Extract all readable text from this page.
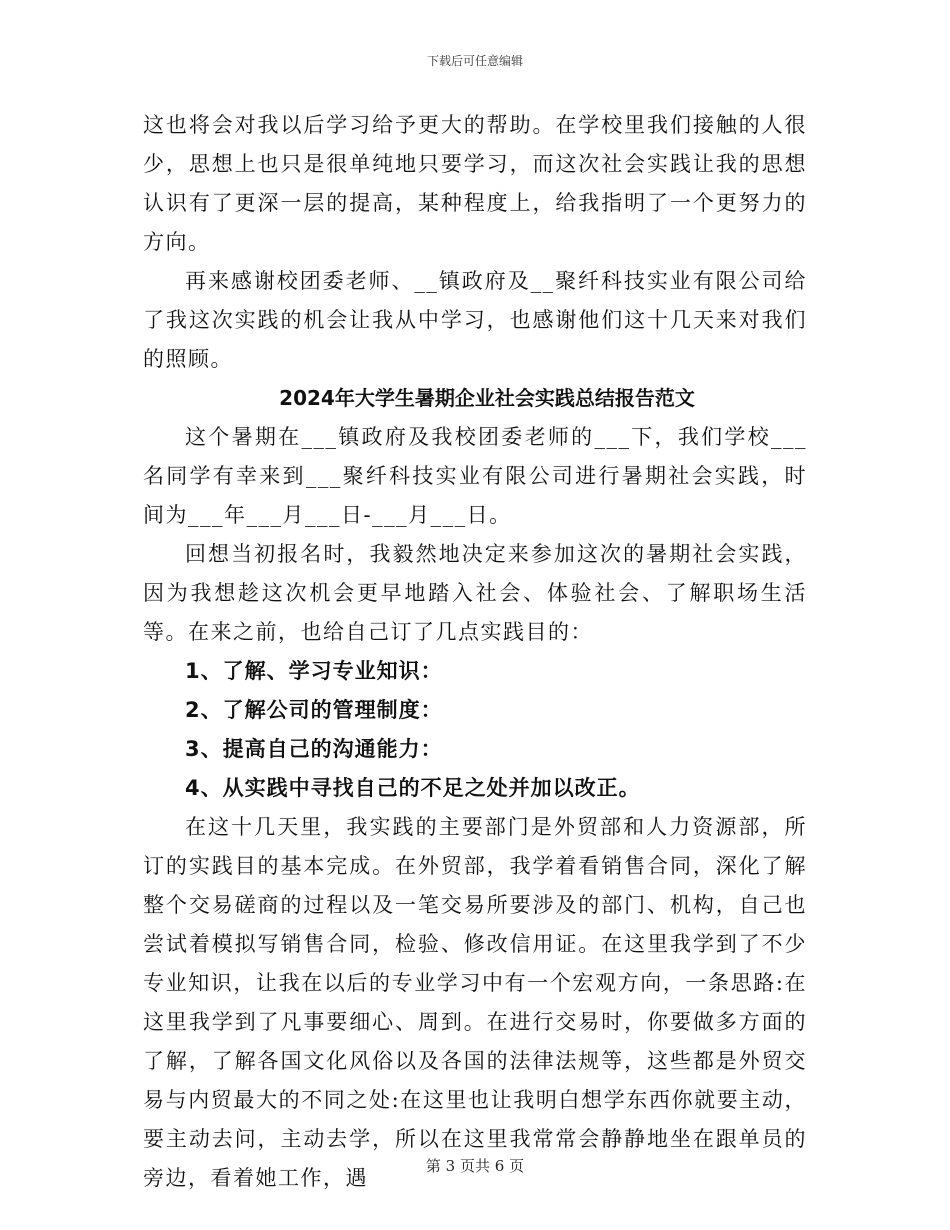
下载后可任意编辑

这也将会对我以后学习给予更大的帮助。在学校里我们接触的人很少，思想上也只是很单纯地只要学习，而这次社会实践让我的思想认识有了更深一层的提高，某种程度上，给我指明了一个更努力的方向。

再来感谢校团委老师、__镇政府及__聚纤科技实业有限公司给了我这次实践的机会让我从中学习，也感谢他们这十几天来对我们的照顾。

2024年大学生暑期企业社会实践总结报告范文

这个暑期在___镇政府及我校团委老师的___下，我们学校___名同学有幸来到___聚纤科技实业有限公司进行暑期社会实践，时间为___年___月___日-___月___日。

回想当初报名时，我毅然地决定来参加这次的暑期社会实践，因为我想趁这次机会更早地踏入社会、体验社会、了解职场生活等。在来之前，也给自己订了几点实践目的：

1、了解、学习专业知识：

2、了解公司的管理制度：

3、提高自己的沟通能力：

4、从实践中寻找自己的不足之处并加以改正。

在这十几天里，我实践的主要部门是外贸部和人力资源部，所订的实践目的基本完成。在外贸部，我学着看销售合同，深化了解整个交易磋商的过程以及一笔交易所要涉及的部门、机构，自己也尝试着模拟写销售合同，检验、修改信用证。在这里我学到了不少专业知识，让我在以后的专业学习中有一个宏观方向，一条思路:在这里我学到了凡事要细心、周到。在进行交易时，你要做多方面的了解，了解各国文化风俗以及各国的法律法规等，这些都是外贸交易与内贸最大的不同之处:在这里也让我明白想学东西你就要主动，要主动去问，主动去学，所以在这里我常常会静静地坐在跟单员的旁边，看着她工作，遇	第 3 页共 6 页
